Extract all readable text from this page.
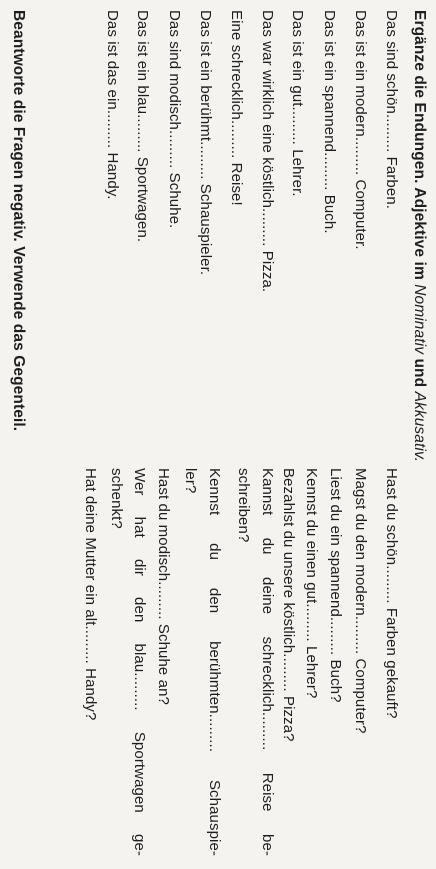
Ergänze die Endungen. Adjektive im Nominativ und Akkusativ.
Das sind schön......... Farben.
Das ist ein modern......... Computer.
Das ist ein spannend......... Buch.
Das ist ein gut......... Lehrer.
Das war wirklich eine köstlich......... Pizza.
Eine schrecklich......... Reise!
Das ist ein berühmt......... Schauspieler.
Das sind modisch......... Schuhe.
Das ist ein blau......... Sportwagen.
Das ist das ein......... Handy.
Hast du schön......... Farben gekauft?
Magst du den modern......... Computer?
Liest du ein spannend......... Buch?
Kennst du einen gut......... Lehrer?
Bezahlst du unsere köstlich......... Pizza?
Kannst du deine schrecklich......... Reise be-
schreiben?
Kennst du den berühmten......... Schauspie-
ler?
Hast du modisch......... Schuhe an?
Wer hat dir den blau......... Sportwagen ge-
schenkt?
Hat deine Mutter ein alt......... Handy?
Beantworte die Fragen negativ. Verwende das Gegenteil.
